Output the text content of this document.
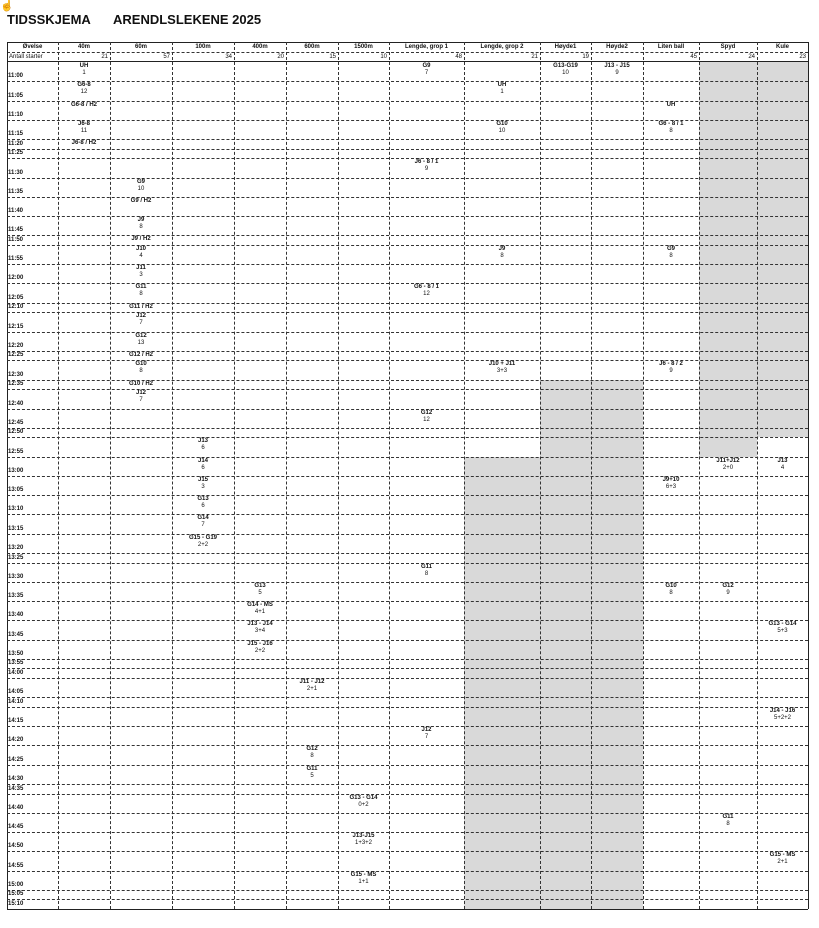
☝
TIDSSKJEMA ARENDLSLEKENE 2025
Øvelse
Antall starter
40m
21
60m
57
100m
34
400m
20
600m
15
1500m
10
Lengde, grop 1
48
Lengde, grop 2
21
Høyde1
19
Høyde2	Liten ball
45
Spyd
24
Kule
23
11:00
11:05
11:10
11:15
11:20
11:25
11:30
11:35
11:40
11:45
11:50
11:55
12:00
12:05
12:10
12:15
12:20
12:25
12:30
12:35
12:40
12:45
12:50
12:55
13:00
13:05
13:10
13:15
13:20
13:25
13:30
13:35
13:40
13:45
13:50
13:55
14:00
14:05
14:10
14:15
14:20
14:25
14:30
14:35
14:40
14:45
14:50
14:55
15:00
15:05
15:10
UH
1
G6-8
12
G6-8 / H2
J6-8
11
J6-8 / H2
G9
10
G9 / H2
J9
8
J9 / H2
J10
4
J11
3
G11
8
G11 / H2
J12
7
G12
13
G12 / H2
G10
8
G10 / H2
J12
7
J13
6
J14
6
J15
3
G13
6
G14
7
G15 - G19
2+2
G13
5
G14 - MS
4+1
J13 - J14
3+4
J15 - J16
2+2
J11 - J12
2+1
G12
8
G11
5
G13 - G14
0+2
J13-J15
1+3+2
G15 - MS
1+1
G9
7
J6 - 8 / 1
9
G6 - 8 / 1
12
G12
12
G11
8
J12
7
UH
1
G10
10
J9
8
J10 + J11
3+3
G13-G19
10
J13 - J15
9
UH
G6 - 8 / 1
8
G9
8
J6 - 8 / 2
9
J9+10
6+3
G10
8
J11+J12
2+0
G12
9
G11
8
J13
4
G13 - G14
5+3
J14 - J16
5+2+2
G15 - MS
2+1
